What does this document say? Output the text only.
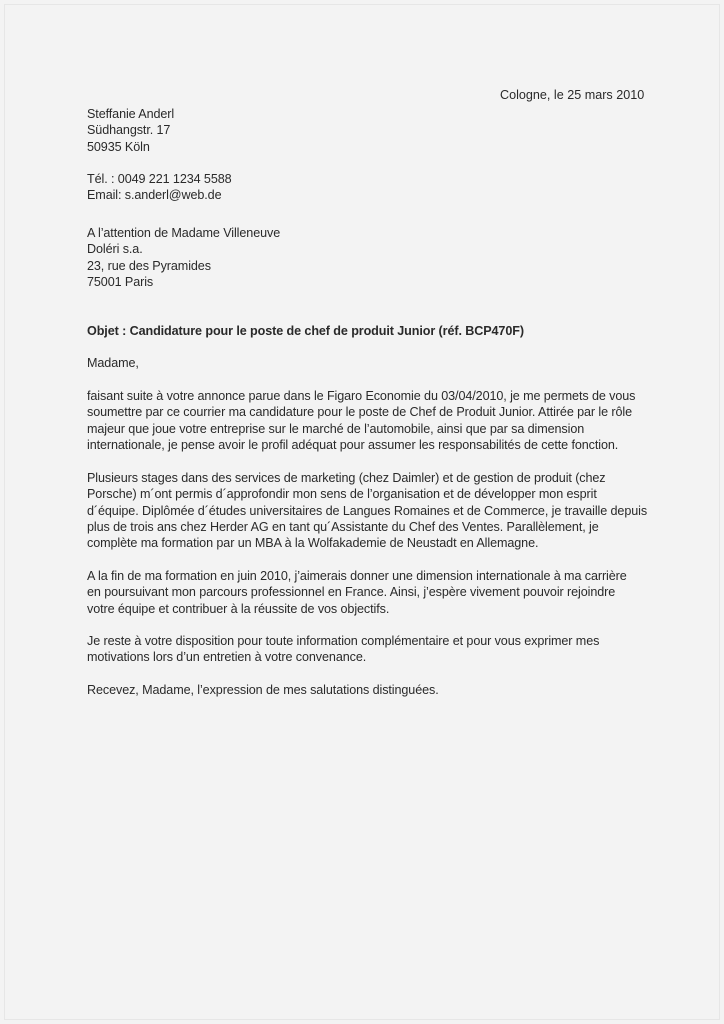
Cologne, le 25 mars 2010
Steffanie Anderl
Südhangstr. 17
50935 Köln
Tél. : 0049 221 1234 5588
Email: s.anderl@web.de
A l’attention de Madame Villeneuve
Doléri s.a.
23, rue des Pyramides
75001 Paris
Objet : Candidature pour le poste de chef de produit Junior (réf. BCP470F)
Madame,
faisant suite à votre annonce parue dans le Figaro Economie du 03/04/2010, je me permets de vous
soumettre par ce courrier ma candidature pour le poste de Chef de Produit Junior. Attirée par le rôle
majeur que joue votre entreprise sur le marché de l’automobile, ainsi que par sa dimension
internationale, je pense avoir le profil adéquat pour assumer les responsabilités de cette fonction.
Plusieurs stages dans des services de marketing (chez Daimler) et de gestion de produit (chez
Porsche) m´ont permis d´approfondir mon sens de l’organisation et de développer mon esprit
d´équipe. Diplômée d´études universitaires de Langues Romaines et de Commerce, je travaille depuis
plus de trois ans chez Herder AG en tant qu´Assistante du Chef des Ventes. Parallèlement, je
complète ma formation par un MBA à la Wolfakademie de Neustadt en Allemagne.
A la fin de ma formation en juin 2010, j’aimerais donner une dimension internationale à ma carrière
en poursuivant mon parcours professionnel en France. Ainsi, j’espère vivement pouvoir rejoindre
votre équipe et contribuer à la réussite de vos objectifs.
Je reste à votre disposition pour toute information complémentaire et pour vous exprimer mes
motivations lors d’un entretien à votre convenance.
Recevez, Madame, l’expression de mes salutations distinguées.
